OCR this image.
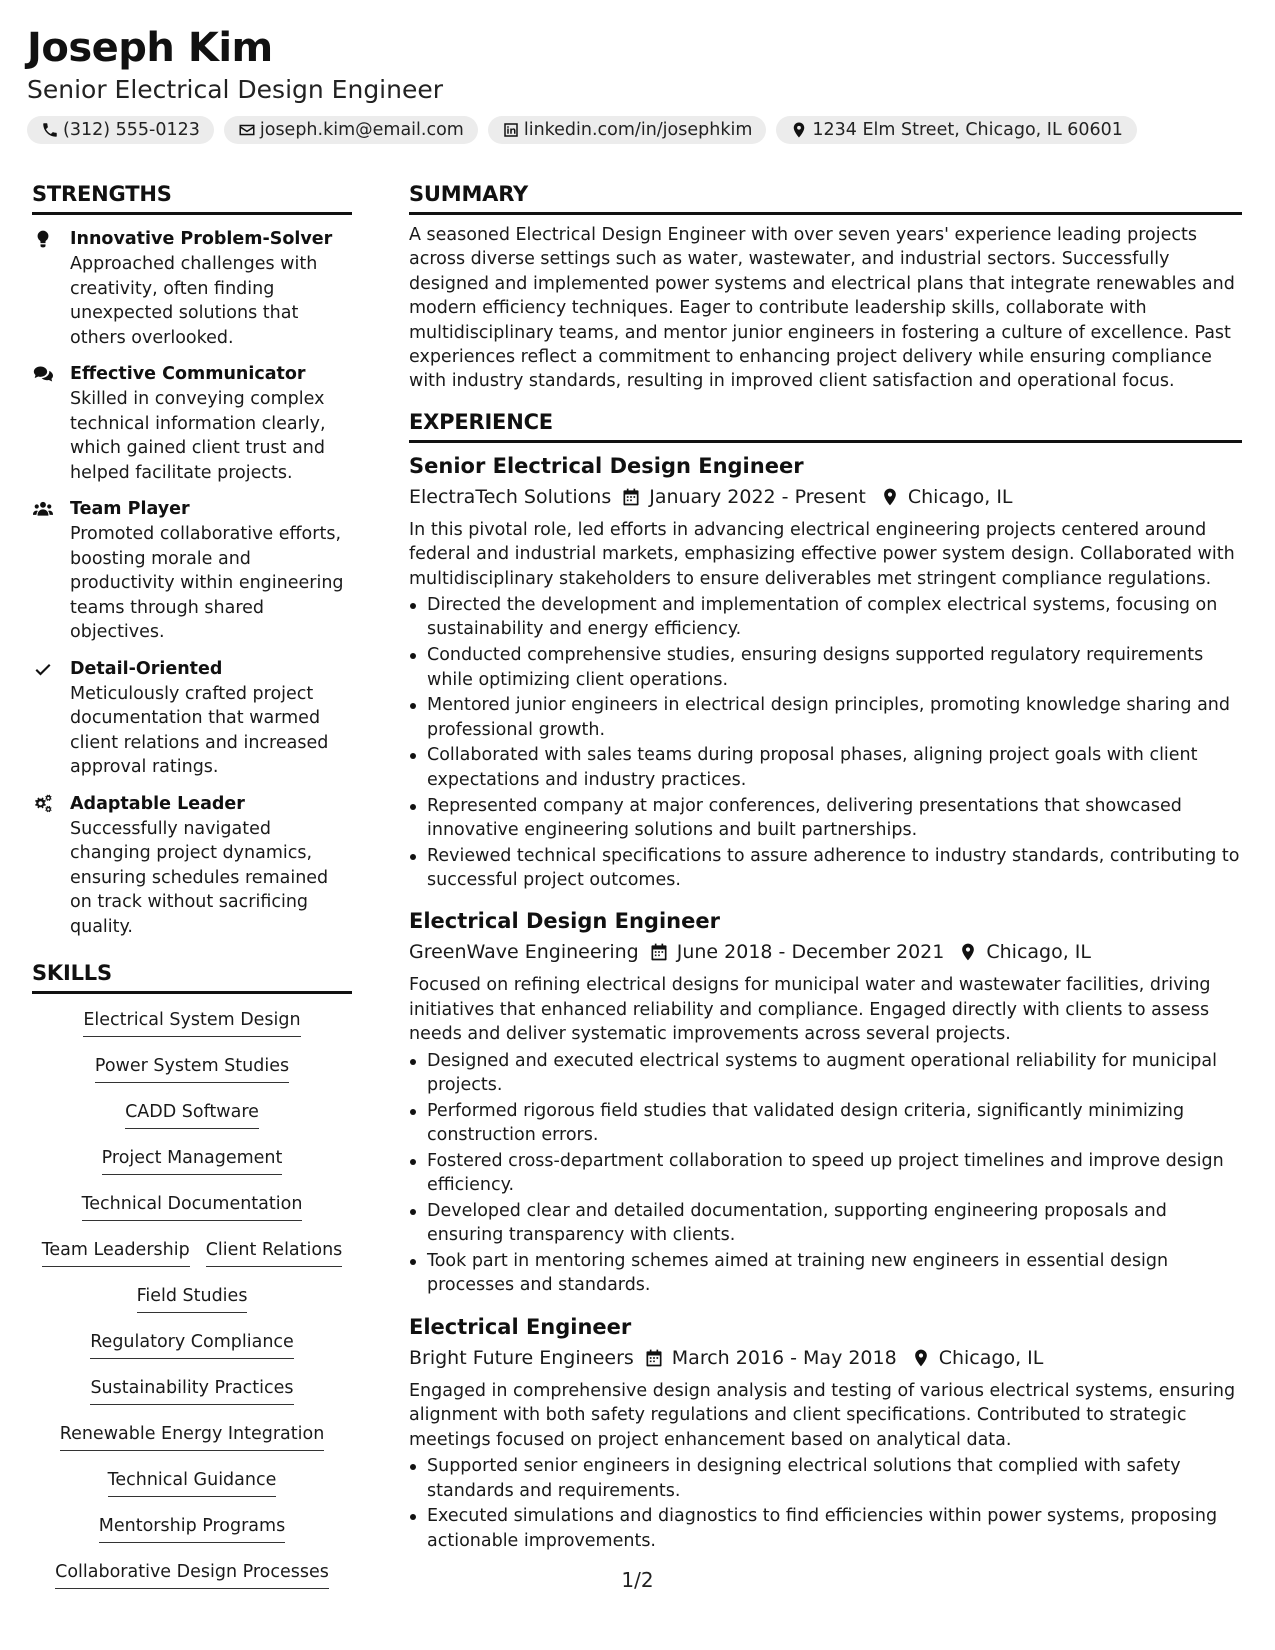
Joseph Kim
Senior Electrical Design Engineer
(312) 555-0123	joseph.kim@email.com	linkedin.com/in/josephkim	1234 Elm Street, Chicago, IL 60601
STRENGTHS
Innovative Problem-Solver
Approached challenges with creativity, often finding unexpected solutions that others overlooked.
Effective Communicator
Skilled in conveying complex technical information clearly, which gained client trust and helped facilitate projects.
Team Player
Promoted collaborative efforts, boosting morale and productivity within engineering teams through shared objectives.
Detail-Oriented
Meticulously crafted project documentation that warmed client relations and increased approval ratings.
Adaptable Leader
Successfully navigated changing project dynamics, ensuring schedules remained on track without sacrificing quality.
SKILLS
Electrical System Design
Power System Studies
CADD Software
Project Management
Technical Documentation
Team Leadership Client Relations
Field Studies
Regulatory Compliance
Sustainability Practices
Renewable Energy Integration
Technical Guidance
Mentorship Programs
Collaborative Design Processes
SUMMARY
A seasoned Electrical Design Engineer with over seven years' experience leading projects across diverse settings such as water, wastewater, and industrial sectors. Successfully designed and implemented power systems and electrical plans that integrate renewables and modern efficiency techniques. Eager to contribute leadership skills, collaborate with multidisciplinary teams, and mentor junior engineers in fostering a culture of excellence. Past experiences reflect a commitment to enhancing project delivery while ensuring compliance with industry standards, resulting in improved client satisfaction and operational focus.
EXPERIENCE
Senior Electrical Design Engineer
ElectraTech Solutions January 2022 - Present Chicago, IL
In this pivotal role, led efforts in advancing electrical engineering projects centered around federal and industrial markets, emphasizing effective power system design. Collaborated with multidisciplinary stakeholders to ensure deliverables met stringent compliance regulations.
Directed the development and implementation of complex electrical systems, focusing on sustainability and energy efficiency.
Conducted comprehensive studies, ensuring designs supported regulatory requirements while optimizing client operations.
Mentored junior engineers in electrical design principles, promoting knowledge sharing and professional growth.
Collaborated with sales teams during proposal phases, aligning project goals with client expectations and industry practices.
Represented company at major conferences, delivering presentations that showcased innovative engineering solutions and built partnerships.
Reviewed technical specifications to assure adherence to industry standards, contributing to successful project outcomes.
Electrical Design Engineer
GreenWave Engineering June 2018 - December 2021 Chicago, IL
Focused on refining electrical designs for municipal water and wastewater facilities, driving initiatives that enhanced reliability and compliance. Engaged directly with clients to assess needs and deliver systematic improvements across several projects.
Designed and executed electrical systems to augment operational reliability for municipal projects.
Performed rigorous field studies that validated design criteria, significantly minimizing construction errors.
Fostered cross-department collaboration to speed up project timelines and improve design efficiency.
Developed clear and detailed documentation, supporting engineering proposals and ensuring transparency with clients.
Took part in mentoring schemes aimed at training new engineers in essential design processes and standards.
Electrical Engineer
Bright Future Engineers March 2016 - May 2018 Chicago, IL
Engaged in comprehensive design analysis and testing of various electrical systems, ensuring alignment with both safety regulations and client specifications. Contributed to strategic meetings focused on project enhancement based on analytical data.
Supported senior engineers in designing electrical solutions that complied with safety standards and requirements.
Executed simulations and diagnostics to find efficiencies within power systems, proposing actionable improvements.
1/2
